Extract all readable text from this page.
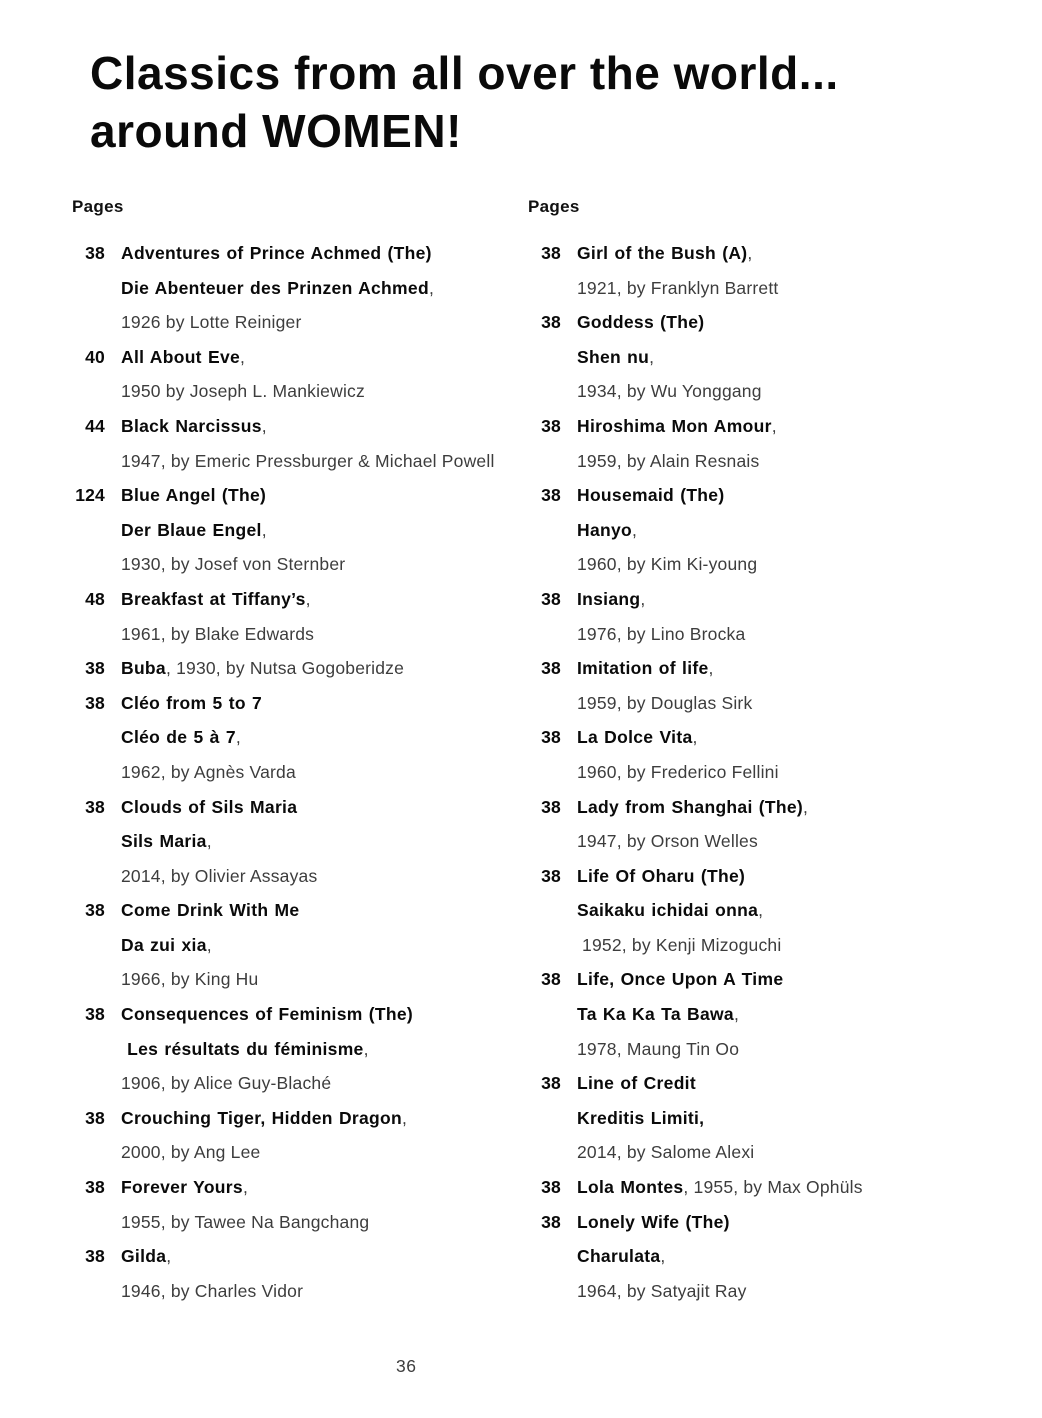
Classics from all over the world...
around WOMEN!
Pages
38 Adventures of Prince Achmed (The)
Die Abenteuer des Prinzen Achmed,
1926 by Lotte Reiniger
40 All About Eve,
1950 by Joseph L. Mankiewicz
44 Black Narcissus,
1947, by Emeric Pressburger & Michael Powell
124 Blue Angel (The)
Der Blaue Engel,
1930, by Josef von Sternber
48 Breakfast at Tiffany’s,
1961, by Blake Edwards
38 Buba, 1930, by Nutsa Gogoberidze
38 Cléo from 5 to 7
Cléo de 5 à 7,
1962, by Agnès Varda
38 Clouds of Sils Maria
Sils Maria,
2014, by Olivier Assayas
38 Come Drink With Me
Da zui xia,
1966, by King Hu
38 Consequences of Feminism (The)
Les résultats du féminisme,
1906, by Alice Guy-Blaché
38 Crouching Tiger, Hidden Dragon,
2000, by Ang Lee
38 Forever Yours,
1955, by Tawee Na Bangchang
38 Gilda,
1946, by Charles Vidor
Pages
38 Girl of the Bush (A),
1921, by Franklyn Barrett
38 Goddess (The)
Shen nu,
1934, by Wu Yonggang
38 Hiroshima Mon Amour,
1959, by Alain Resnais
38 Housemaid (The)
Hanyo,
1960, by Kim Ki-young
38 Insiang,
1976, by Lino Brocka
38 Imitation of life,
1959, by Douglas Sirk
38 La Dolce Vita,
1960, by Frederico Fellini
38 Lady from Shanghai (The),
1947, by Orson Welles
38 Life Of Oharu (The)
Saikaku ichidai onna,
1952, by Kenji Mizoguchi
38 Life, Once Upon A Time
Ta Ka Ka Ta Bawa,
1978, Maung Tin Oo
38 Line of Credit
Kreditis Limiti,
2014, by Salome Alexi
38 Lola Montes, 1955, by Max Ophüls
38 Lonely Wife (The)
Charulata,
1964, by Satyajit Ray
36
